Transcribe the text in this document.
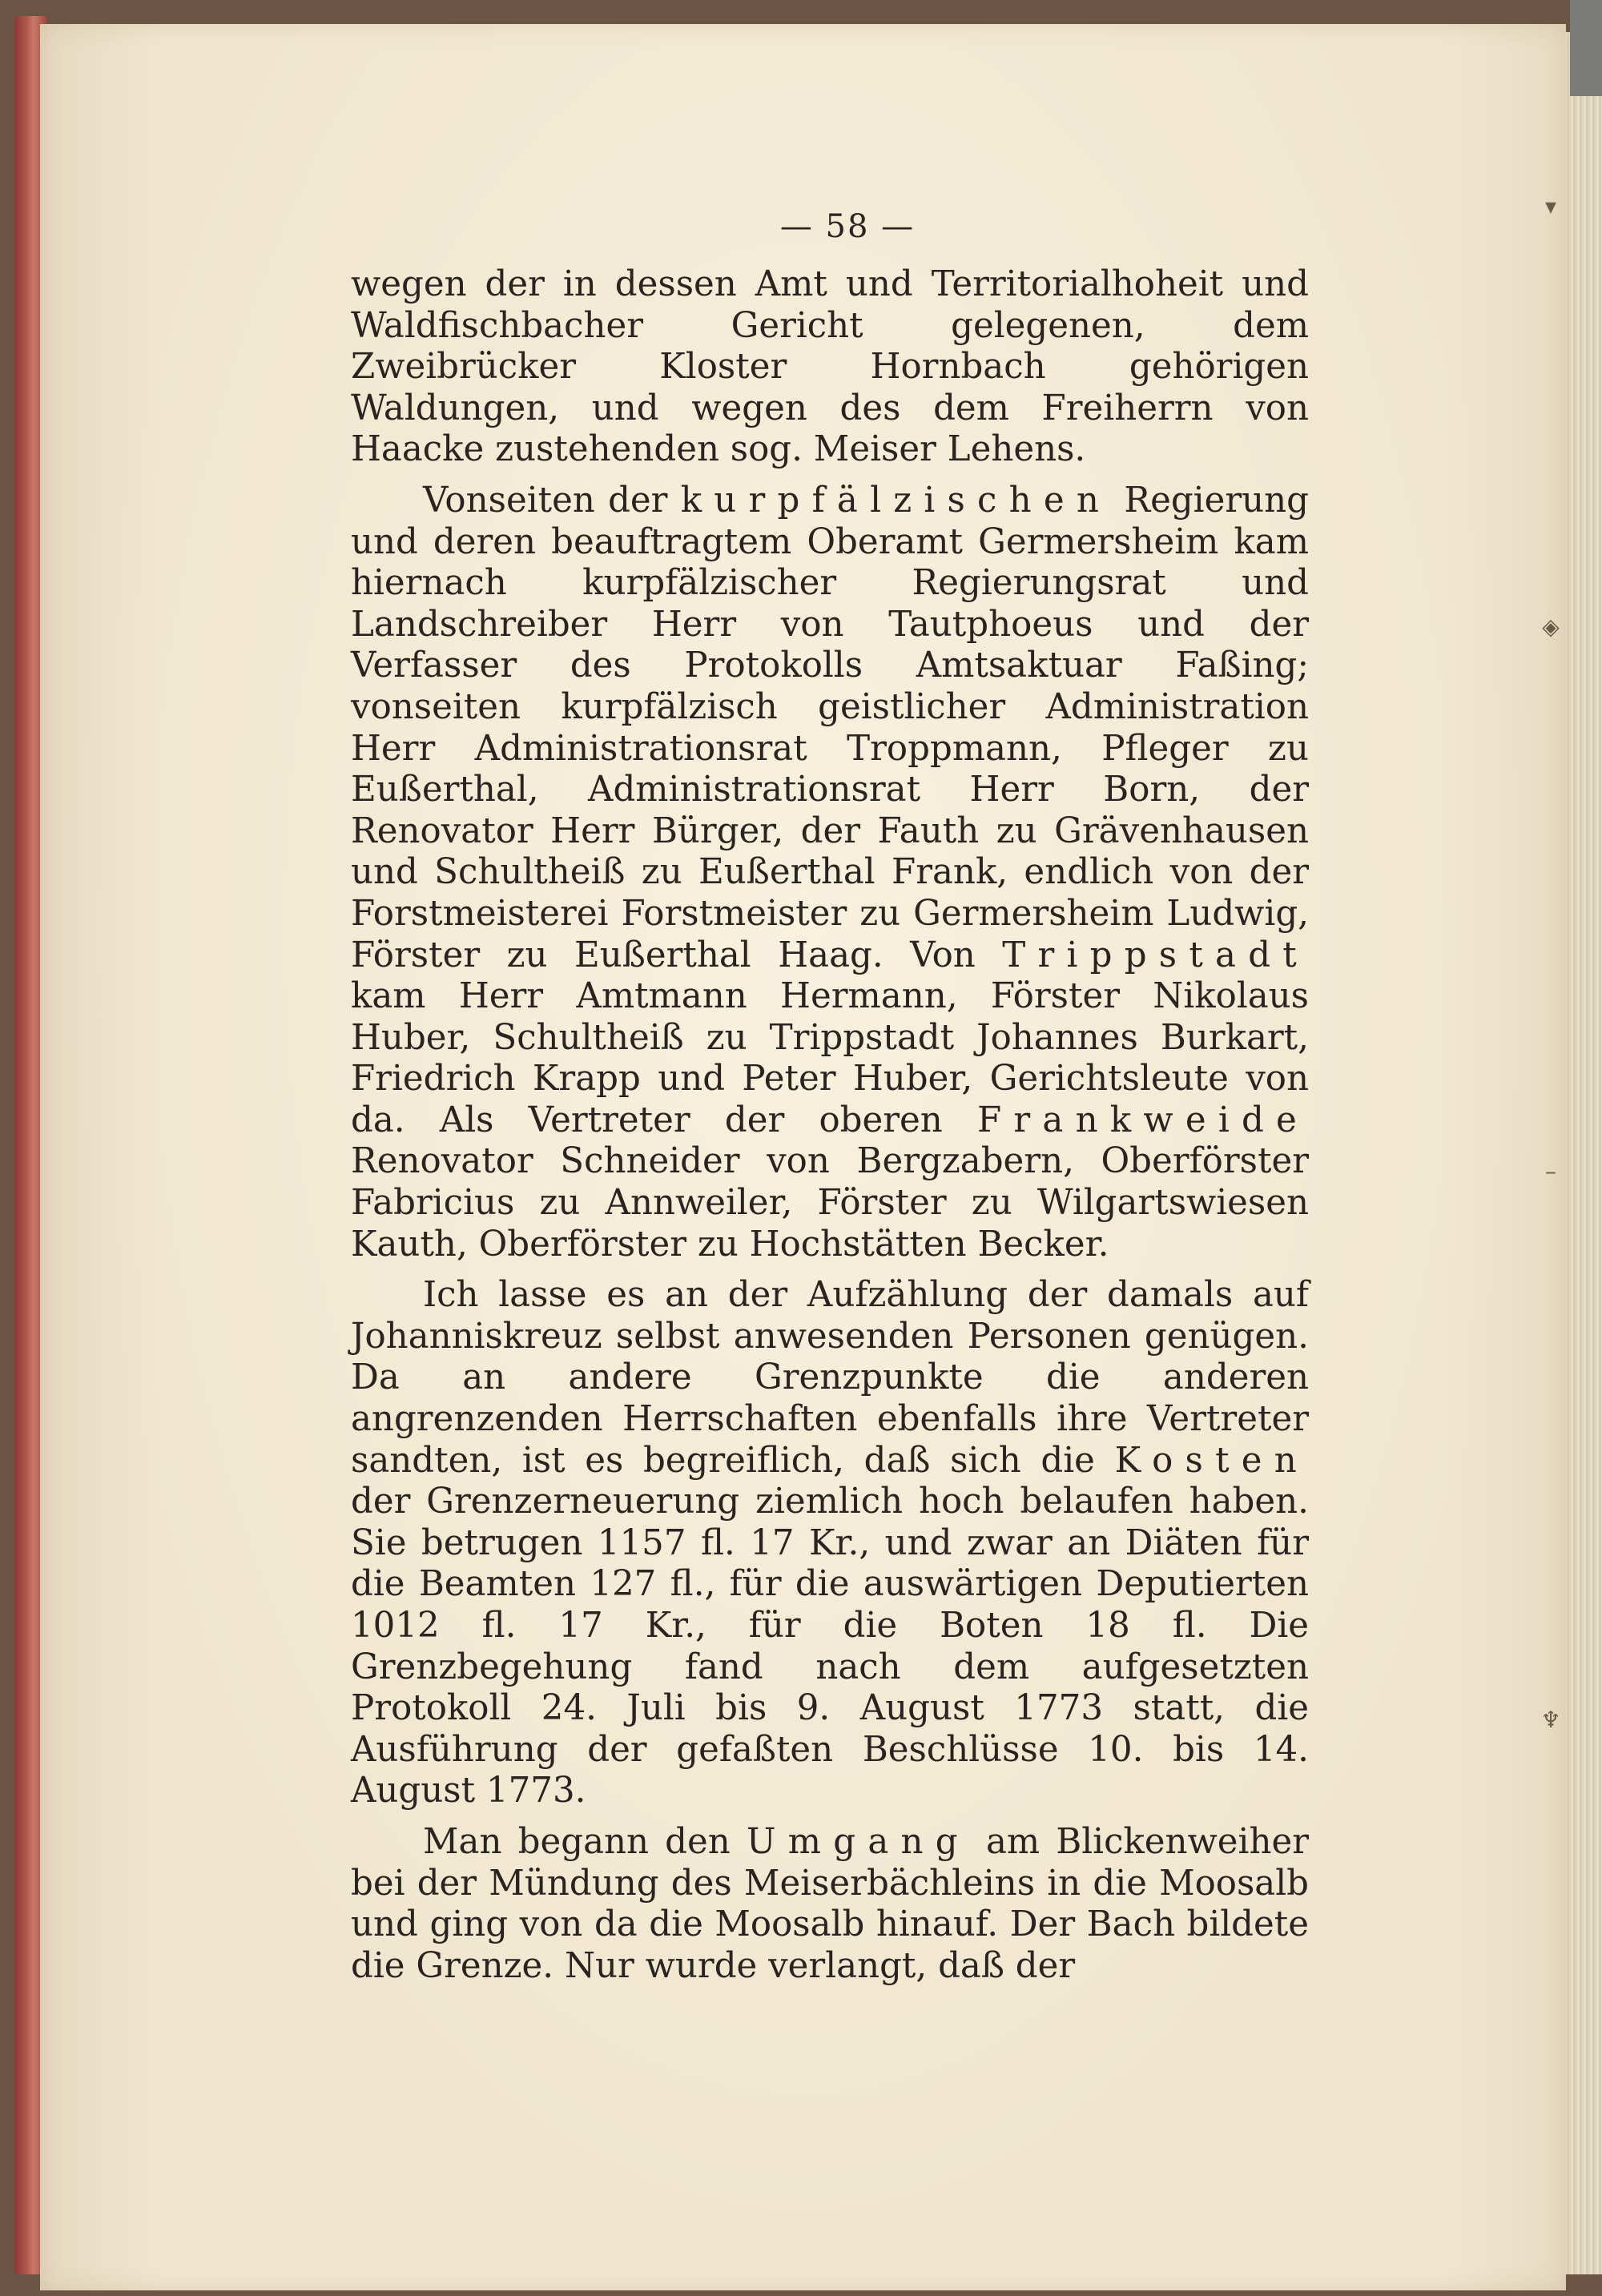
▾
◈
–
♆
— 58 —

wegen der in dessen Amt und Territorialhoheit und Waldfischbacher Gericht gelegenen, dem Zweibrücker Kloster Hornbach gehörigen Waldungen, und wegen des dem Freiherrn von Haacke zustehenden sog. Meiser Lehens.

Vonseiten der kurpfälzischen Regierung und deren beauftragtem Oberamt Germersheim kam hiernach kurpfälzischer Regierungsrat und Landschreiber Herr von Tautphoeus und der Verfasser des Protokolls Amtsaktuar Faßing; vonseiten kurpfälzisch geistlicher Administration Herr Administrationsrat Troppmann, Pfleger zu Eußerthal, Administrationsrat Herr Born, der Renovator Herr Bürger, der Fauth zu Grävenhausen und Schultheiß zu Eußerthal Frank, endlich von der Forstmeisterei Forstmeister zu Germersheim Ludwig, Förster zu Eußerthal Haag. Von Trippstadt kam Herr Amtmann Hermann, Förster Nikolaus Huber, Schultheiß zu Trippstadt Johannes Burkart, Friedrich Krapp und Peter Huber, Gerichtsleute von da. Als Vertreter der oberen Frankweide Renovator Schneider von Bergzabern, Oberförster Fabricius zu Annweiler, Förster zu Wilgartswiesen Kauth, Oberförster zu Hochstätten Becker.

Ich lasse es an der Aufzählung der damals auf Johanniskreuz selbst anwesenden Personen genügen. Da an andere Grenzpunkte die anderen angrenzenden Herrschaften ebenfalls ihre Vertreter sandten, ist es begreiflich, daß sich die Kosten der Grenzerneuerung ziemlich hoch belaufen haben. Sie betrugen 1157 fl. 17 Kr., und zwar an Diäten für die Beamten 127 fl., für die auswärtigen Deputierten 1012 fl. 17 Kr., für die Boten 18 fl. Die Grenzbegehung fand nach dem aufgesetzten Protokoll 24. Juli bis 9. August 1773 statt, die Ausführung der gefaßten Beschlüsse 10. bis 14. August 1773.

Man begann den Umgang am Blickenweiher bei der Mündung des Meiserbächleins in die Moosalb und ging von da die Moosalb hinauf. Der Bach bildete die Grenze. Nur wurde verlangt, daß der
